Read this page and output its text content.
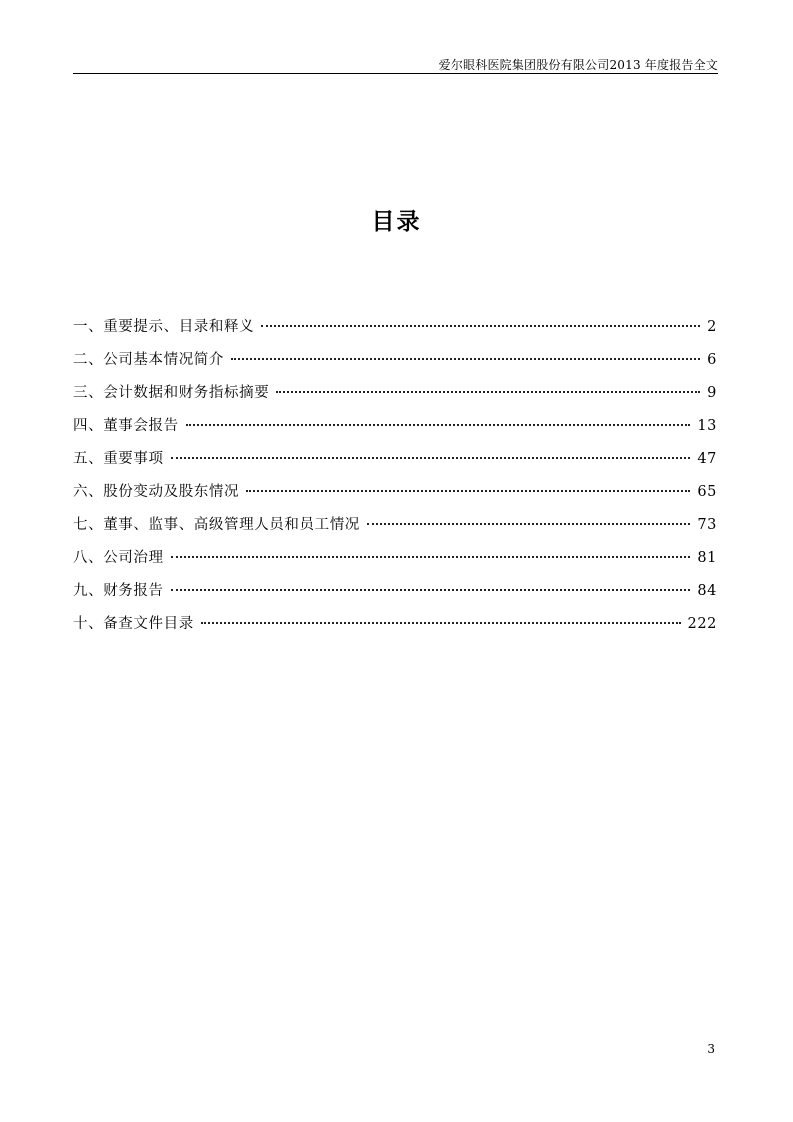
爱尔眼科医院集团股份有限公司2013 年度报告全文
目录
一、重要提示、目录和释义	2
二、公司基本情况简介	6
三、会计数据和财务指标摘要	9
四、董事会报告	13
五、重要事项	47
六、股份变动及股东情况	65
七、董事、监事、高级管理人员和员工情况	73
八、公司治理	81
九、财务报告	84
十、备查文件目录	222
3
